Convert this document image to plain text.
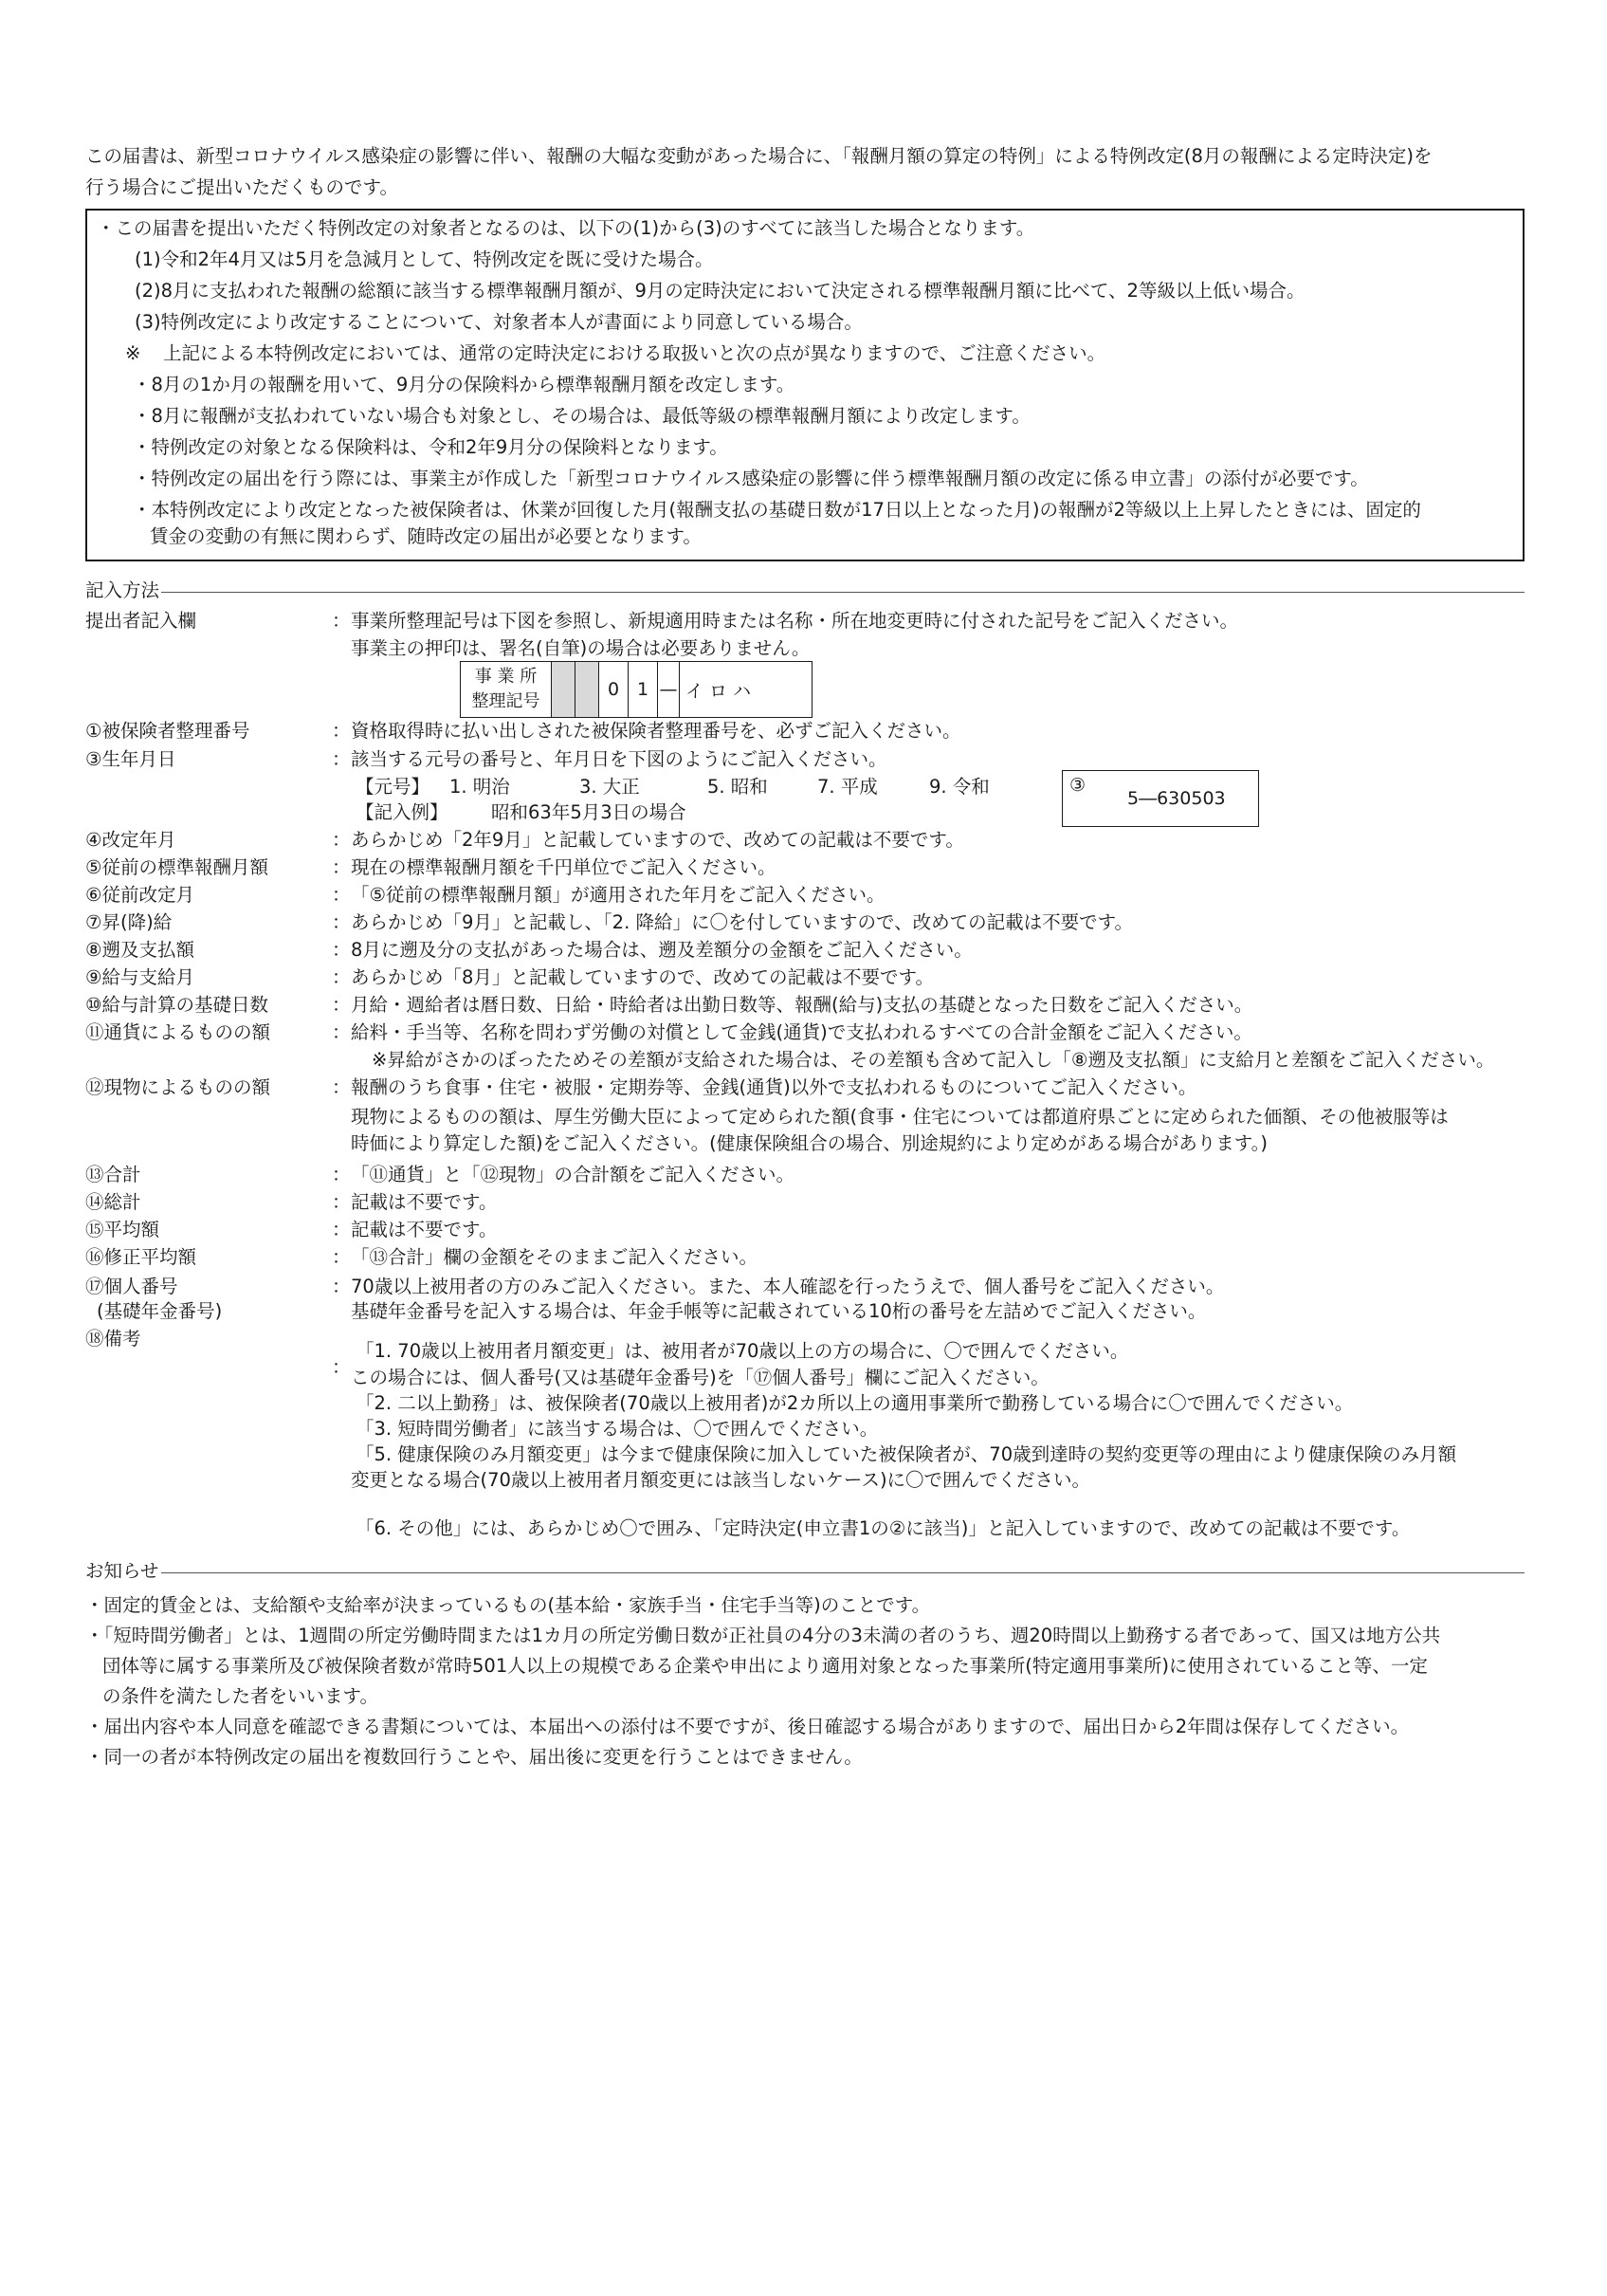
この届書は、新型コロナウイルス感染症の影響に伴い、報酬の大幅な変動があった場合に、「報酬月額の算定の特例」による特例改定(8月の報酬による定時決定)を
行う場合にご提出いただくものです。
・この届書を提出いただく特例改定の対象者となるのは、以下の(1)から(3)のすべてに該当した場合となります。
(1)令和2年4月又は5月を急減月として、特例改定を既に受けた場合。
(2)8月に支払われた報酬の総額に該当する標準報酬月額が、9月の定時決定において決定される標準報酬月額に比べて、2等級以上低い場合。
(3)特例改定により改定することについて、対象者本人が書面により同意している場合。
※ 上記による本特例改定においては、通常の定時決定における取扱いと次の点が異なりますので、ご注意ください。
・8月の1か月の報酬を用いて、9月分の保険料から標準報酬月額を改定します。
・8月に報酬が支払われていない場合も対象とし、その場合は、最低等級の標準報酬月額により改定します。
・特例改定の対象となる保険料は、令和2年9月分の保険料となります。
・特例改定の届出を行う際には、事業主が作成した「新型コロナウイルス感染症の影響に伴う標準報酬月額の改定に係る申立書」の添付が必要です。
・本特例改定により改定となった被保険者は、休業が回復した月(報酬支払の基礎日数が17日以上となった月)の報酬が2等級以上上昇したときには、固定的
賃金の変動の有無に関わらず、随時改定の届出が必要となります。
記入方法
提出者記入欄	： 事業所整理記号は下図を参照し、新規適用時または名称・所在地変更時に付された記号をご記入ください。
事業主の押印は、署名(自筆)の場合は必要ありません。
事 業 所
整理記号
0 1 — イ ロ ハ
①被保険者整理番号	： 資格取得時に払い出しされた被保険者整理番号を、必ずご記入ください。
③生年月日	： 該当する元号の番号と、年月日を下図のようにご記入ください。
【元号】 1. 明治	3. 大正	5. 昭和	7. 平成	9. 令和
【記入例】 昭和63年5月3日の場合
③
5―630503
④改定年月	： あらかじめ「2年9月」と記載していますので、改めての記載は不要です。
⑤従前の標準報酬月額	： 現在の標準報酬月額を千円単位でご記入ください。
⑥従前改定月	： 「⑤従前の標準報酬月額」が適用された年月をご記入ください。
⑦昇(降)給	： あらかじめ「9月」と記載し、「2. 降給」に〇を付していますので、改めての記載は不要です。
⑧遡及支払額	： 8月に遡及分の支払があった場合は、遡及差額分の金額をご記入ください。
⑨給与支給月	： あらかじめ「8月」と記載していますので、改めての記載は不要です。
⑩給与計算の基礎日数	： 月給・週給者は暦日数、日給・時給者は出勤日数等、報酬(給与)支払の基礎となった日数をご記入ください。
⑪通貨によるものの額	： 給料・手当等、名称を問わず労働の対償として金銭(通貨)で支払われるすべての合計金額をご記入ください。
※昇給がさかのぼったためその差額が支給された場合は、その差額も含めて記入し「⑧遡及支払額」に支給月と差額をご記入ください。
⑫現物によるものの額	： 報酬のうち食事・住宅・被服・定期券等、金銭(通貨)以外で支払われるものについてご記入ください。
現物によるものの額は、厚生労働大臣によって定められた額(食事・住宅については都道府県ごとに定められた価額、その他被服等は
時価により算定した額)をご記入ください。(健康保険組合の場合、別途規約により定めがある場合があります。)
⑬合計	： 「⑪通貨」と「⑫現物」の合計額をご記入ください。
⑭総計	： 記載は不要です。
⑮平均額	： 記載は不要です。
⑯修正平均額	： 「⑬合計」欄の金額をそのままご記入ください。
⑰個人番号
(基礎年金番号)
： 70歳以上被用者の方のみご記入ください。また、本人確認を行ったうえで、個人番号をご記入ください。
基礎年金番号を記入する場合は、年金手帳等に記載されている10桁の番号を左詰めでご記入ください。
⑱備考
：
「1. 70歳以上被用者月額変更」は、被用者が70歳以上の方の場合に、〇で囲んでください。
この場合には、個人番号(又は基礎年金番号)を「⑰個人番号」欄にご記入ください。
「2. 二以上勤務」は、被保険者(70歳以上被用者)が2カ所以上の適用事業所で勤務している場合に〇で囲んでください。
「3. 短時間労働者」に該当する場合は、〇で囲んでください。
「5. 健康保険のみ月額変更」は今まで健康保険に加入していた被保険者が、70歳到達時の契約変更等の理由により健康保険のみ月額
変更となる場合(70歳以上被用者月額変更には該当しないケース)に〇で囲んでください。
「6. その他」には、あらかじめ〇で囲み、「定時決定(申立書1の②に該当)」と記入していますので、改めての記載は不要です。
お知らせ
・固定的賃金とは、支給額や支給率が決まっているもの(基本給・家族手当・住宅手当等)のことです。
・「短時間労働者」とは、1週間の所定労働時間または1カ月の所定労働日数が正社員の4分の3未満の者のうち、週20時間以上勤務する者であって、国又は地方公共
団体等に属する事業所及び被保険者数が常時501人以上の規模である企業や申出により適用対象となった事業所(特定適用事業所)に使用されていること等、一定
の条件を満たした者をいいます。
・届出内容や本人同意を確認できる書類については、本届出への添付は不要ですが、後日確認する場合がありますので、届出日から2年間は保存してください。
・同一の者が本特例改定の届出を複数回行うことや、届出後に変更を行うことはできません。
